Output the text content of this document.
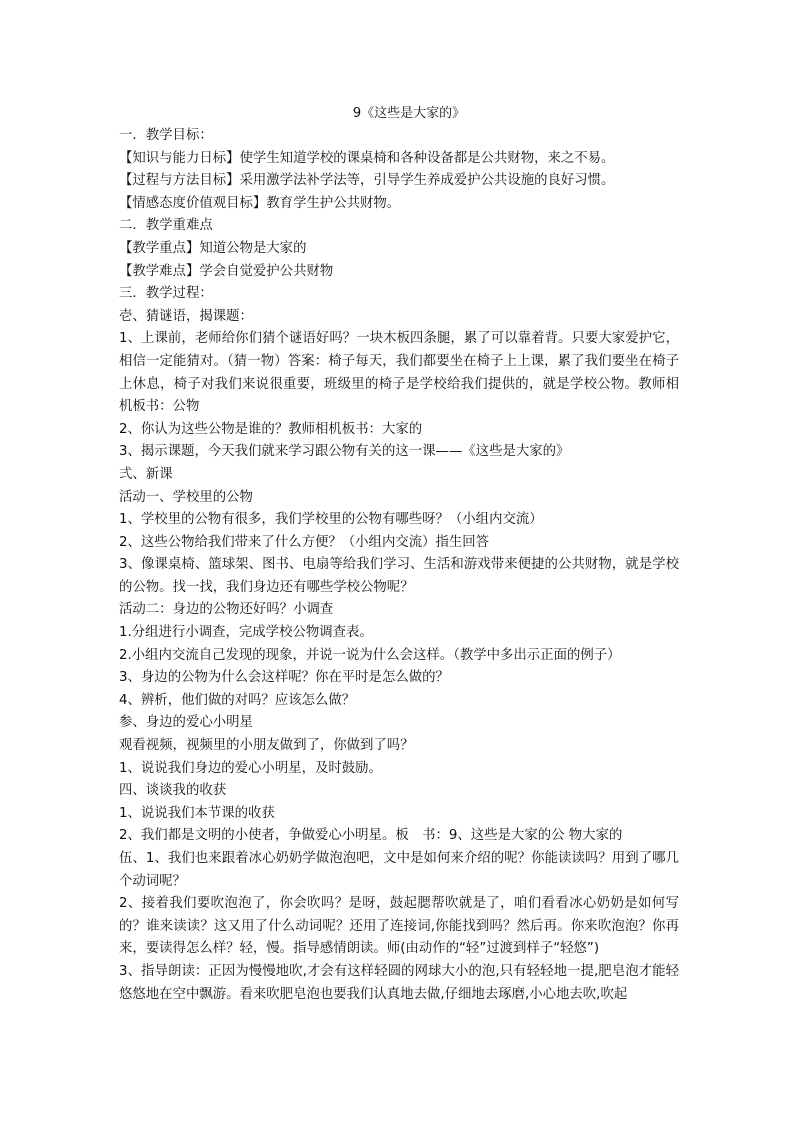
9《这些是大家的》
一．教学目标：
【知识与能力日标】使学生知道学校的课桌椅和各种设备都是公共财物，来之不易。
【过程与方法目标】采用激学法补学法等，引导学生养成爱护公共设施的良好习惯。
【情感态度价值观目标】教育学生护公共财物。
二．教学重难点
【教学重点】知道公物是大家的
【教学难点】学会自觉爱护公共财物
三．教学过程：
壱、猜谜语，揭课题：
1、上课前，老师给你们猜个谜语好吗？一块木板四条腿，累了可以靠着背。只要大家爱护它，相信一定能猜对。（猜一物）答案：椅子每天，我们都要坐在椅子上上课，累了我们要坐在椅子上休息，椅子对我们来说很重要，班级里的椅子是学校给我们提供的，就是学校公物。教师相机板书：公物
2、你认为这些公物是谁的？教师相机板书：大家的
3、揭示课题，今天我们就来学习跟公物有关的这一课——《这些是大家的》
弍、新课
活动一、学校里的公物
1、学校里的公物有很多，我们学校里的公物有哪些呀？（小组内交流）
2、这些公物给我们带来了什么方便？（小组内交流）指生回答
3、像课桌椅、篮球架、图书、电扇等给我们学习、生活和游戏带来便捷的公共财物，就是学校的公物。找一找，我们身边还有哪些学校公物呢？
活动二：身边的公物还好吗？小调查
1.分组进行小调查，完成学校公物调查表。
2.小组内交流自己发现的现象，并说一说为什么会这样。（教学中多出示正面的例子）
3、身边的公物为什么会这样呢？你在平时是怎么做的？
4、辨析，他们做的对吗？应该怎么做？
参、身边的爱心小明星
观看视频，视频里的小朋友做到了，你做到了吗？
1、说说我们身边的爱心小明星，及时鼓励。
四、谈谈我的收获
1、说说我们本节课的收获
2、我们都是文明的小使者，争做爱心小明星。板　书：9、这些是大家的公 物大家的
伍、1、我们也来跟着冰心奶奶学做泡泡吧，文中是如何来介绍的呢？你能读读吗？用到了哪几个动词呢？
2、接着我们要吹泡泡了，你会吹吗？是呀，鼓起腮帮吹就是了，咱们看看冰心奶奶是如何写的？谁来读读？这又用了什么动词呢？还用了连接词,你能找到吗？然后再。你来吹泡泡？你再来，要读得怎么样？轻，慢。指导感情朗读。师(由动作的“轻”过渡到样子“轻悠”)
3、指导朗读：正因为慢慢地吹,才会有这样轻圆的网球大小的泡,只有轻轻地一提,肥皂泡才能轻悠悠地在空中飘游。看来吹肥皂泡也要我们认真地去做,仔细地去琢磨,小心地去吹,吹起
